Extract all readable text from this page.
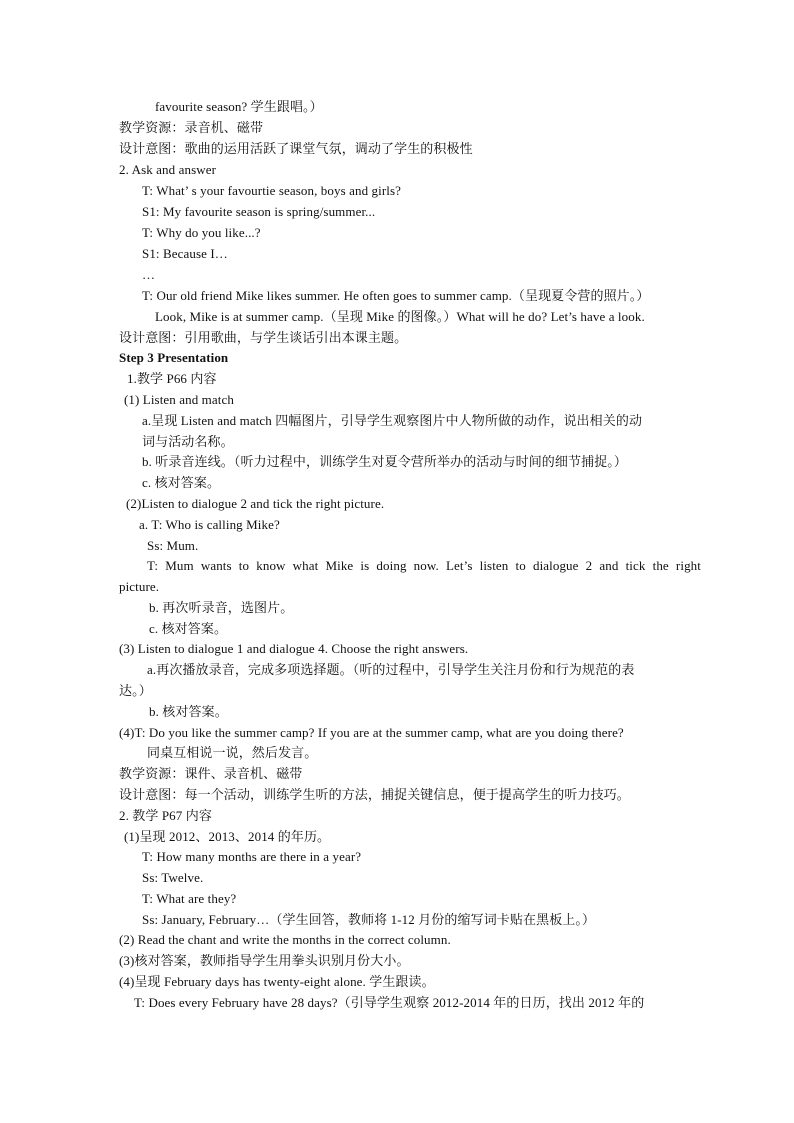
favourite season? 学生跟唱。）
教学资源：录音机、磁带
设计意图：歌曲的运用活跃了课堂气氛，调动了学生的积极性
2. Ask and answer
T: What’ s your favourtie season, boys and girls?
S1: My favourite season is spring/summer...
T: Why do you like...?
S1: Because I…
…
T: Our old friend Mike likes summer. He often goes to summer camp.（呈现夏令营的照片。）
Look, Mike is at summer camp.（呈现 Mike 的图像。）What will he do? Let’s have a look.
设计意图：引用歌曲，与学生谈话引出本课主题。
Step 3 Presentation
1.教学 P66 内容
(1) Listen and match
a.呈现 Listen and match 四幅图片，引导学生观察图片中人物所做的动作，说出相关的动
词与活动名称。
b. 听录音连线。（听力过程中，训练学生对夏令营所举办的活动与时间的细节捕捉。）
c. 核对答案。
(2)Listen to dialogue 2 and tick the right picture.
a. T: Who is calling Mike?
Ss: Mum.
T: Mum wants to know what Mike is doing now. Let’s listen to dialogue 2 and tick the right
picture.
b. 再次听录音，选图片。
c. 核对答案。
(3) Listen to dialogue 1 and dialogue 4. Choose the right answers.
a.再次播放录音，完成多项选择题。（听的过程中，引导学生关注月份和行为规范的表
达。）
b. 核对答案。
(4)T: Do you like the summer camp? If you are at the summer camp, what are you doing there?
同桌互相说一说，然后发言。
教学资源：课件、录音机、磁带
设计意图：每一个活动，训练学生听的方法，捕捉关键信息，便于提高学生的听力技巧。
2. 教学 P67 内容
(1)呈现 2012、2013、2014 的年历。
T: How many months are there in a year?
Ss: Twelve.
T: What are they?
Ss: January, February…（学生回答，教师将 1-12 月份的缩写词卡贴在黑板上。）
(2) Read the chant and write the months in the correct column.
(3)核对答案，教师指导学生用拳头识别月份大小。
(4)呈现 February days has twenty-eight alone. 学生跟读。
T: Does every February have 28 days?（引导学生观察 2012-2014 年的日历，找出 2012 年的
